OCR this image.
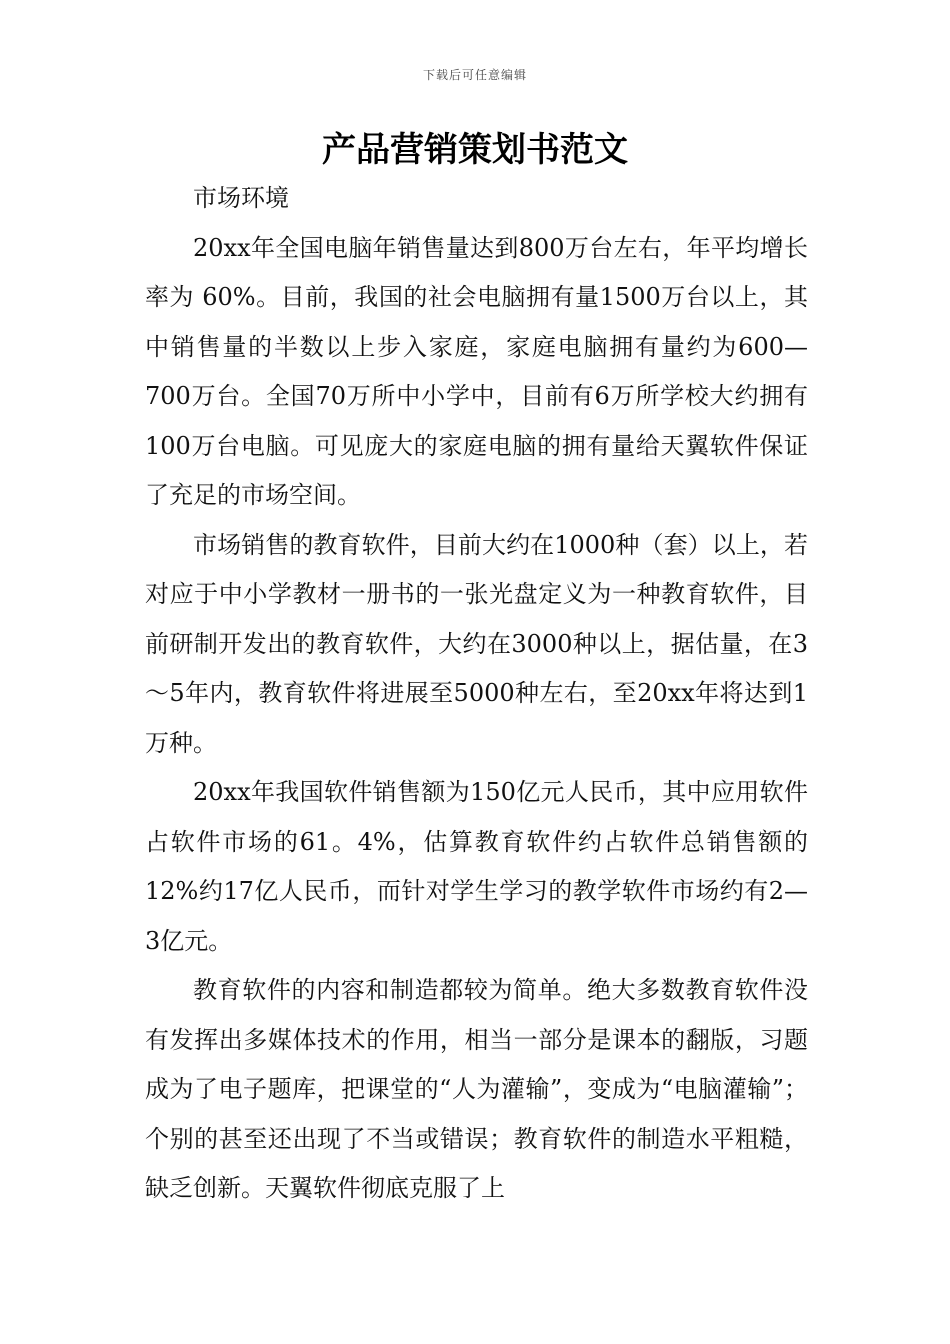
下载后可任意编辑
产品营销策划书范文

市场环境

20xx年全国电脑年销售量达到800万台左右，年平均增长率为 60%。目前，我国的社会电脑拥有量1500万台以上，其中销售量的半数以上步入家庭，家庭电脑拥有量约为600—700万台。全国70万所中小学中，目前有6万所学校大约拥有100万台电脑。可见庞大的家庭电脑的拥有量给天翼软件保证了充足的市场空间。

市场销售的教育软件，目前大约在1000种（套）以上，若对应于中小学教材一册书的一张光盘定义为一种教育软件，目前研制开发出的教育软件，大约在3000种以上，据估量，在3～5年内，教育软件将进展至5000种左右，至20xx年将达到1万种。

20xx年我国软件销售额为150亿元人民币，其中应用软件占软件市场的61。4%，估算教育软件约占软件总销售额的12%约17亿人民币，而针对学生学习的教学软件市场约有2—3亿元。

教育软件的内容和制造都较为简单。绝大多数教育软件没有发挥出多媒体技术的作用，相当一部分是课本的翻版，习题成为了电子题库，把课堂的“人为灌输”，变成为“电脑灌输”；个别的甚至还出现了不当或错误；教育软件的制造水平粗糙，缺乏创新。天翼软件彻底克服了上
